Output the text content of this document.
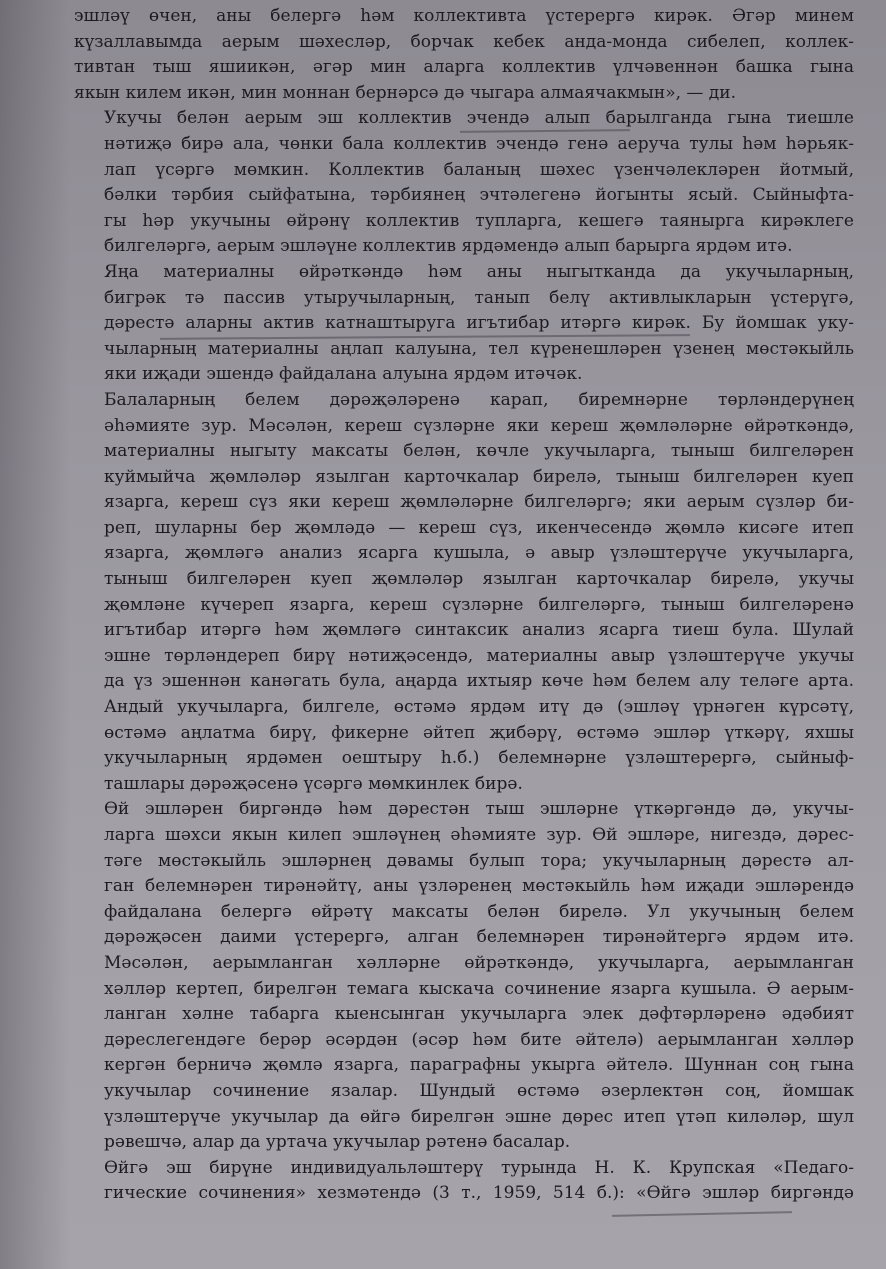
эшләү өчен, аны белергә һәм коллективта үстерергә кирәк. Әгәр минем
күзаллавымда аерым шәхесләр, борчак кебек анда-монда сибелеп, коллек-
тивтан тыш яшиикән, әгәр мин аларга коллектив үлчәвеннән башка гына
якын килем икән, мин моннан бернәрсә дә чыгара алмаячакмын», — ди.

Укучы белән аерым эш коллектив эчендә алып барылганда гына тиешле
нәтиҗә бирә ала, чөнки бала коллектив эчендә генә аеруча тулы һәм һәрьяк-
лап үсәргә мөмкин. Коллектив баланың шәхес үзенчәлекләрен йотмый,
бәлки тәрбия сыйфатына, тәрбиянең эчтәлегенә йогынты ясый. Сыйныфта-
гы һәр укучыны өйрәнү коллектив тупларга, кешегә таянырга кирәклеге
билгеләргә, аерым эшләүне коллектив ярдәмендә алып барырга ярдәм итә.

Яңа материалны өйрәткәндә һәм аны ныгытканда да укучыларның,
бигрәк тә пассив утыручыларның, танып белү активлыкларын үстерүгә,
дәрестә аларны актив катнаштыруга игътибар итәргә кирәк. Бу йомшак уку-
чыларның материалны аңлап калуына, тел күренешләрен үзенең мөстәкыйль
яки иҗади эшендә файдалана алуына ярдәм итәчәк.

Балаларның белем дәрәҗәләренә карап, биремнәрне төрләндерүнең
әһәмияте зур. Мәсәлән, кереш сүзләрне яки кереш җөмләләрне өйрәткәндә,
материалны ныгыту максаты белән, көчле укучыларга, тыныш билгеләрен
куймыйча җөмләләр язылган карточкалар бирелә, тыныш билгеләрен куеп
язарга, кереш сүз яки кереш җөмләләрне билгеләргә; яки аерым сүзләр би-
реп, шуларны бер җөмләдә — кереш сүз, икенчесендә җөмлә кисәге итеп
язарга, җөмләгә анализ ясарга кушыла, ә авыр үзләштерүче укучыларга,
тыныш билгеләрен куеп җөмләләр язылган карточкалар бирелә, укучы
җөмләне күчереп язарга, кереш сүзләрне билгеләргә, тыныш билгеләренә
игътибар итәргә һәм җөмләгә синтаксик анализ ясарга тиеш була. Шулай
эшне төрләндереп бирү нәтиҗәсендә, материалны авыр үзләштерүче укучы
да үз эшеннән канәгать була, аңарда ихтыяр көче һәм белем алу теләге арта.
Андый укучыларга, билгеле, өстәмә ярдәм итү дә (эшләү үрнәген күрсәтү,
өстәмә аңлатма бирү, фикерне әйтеп җибәрү, өстәмә эшләр үткәрү, яхшы
укучыларның ярдәмен оештыру һ.б.) белемнәрне үзләштерергә, сыйныф-
ташлары дәрәҗәсенә үсәргә мөмкинлек бирә.

Өй эшләрен биргәндә һәм дәрестән тыш эшләрне үткәргәндә дә, укучы-
ларга шәхси якын килеп эшләүнең әһәмияте зур. Өй эшләре, нигездә, дәрес-
тәге мөстәкыйль эшләрнең дәвамы булып тора; укучыларның дәрестә ал-
ган белемнәрен тирәнәйтү, аны үзләренең мөстәкыйль һәм иҗади эшләрендә
файдалана белергә өйрәтү максаты белән бирелә. Ул укучының белем
дәрәҗәсен даими үстерергә, алган белемнәрен тирәнәйтергә ярдәм итә.
Мәсәлән, аерымланган хәлләрне өйрәткәндә, укучыларга, аерымланган
хәлләр кертеп, бирелгән темага кыскача сочинение язарга кушыла. Ә аерым-
ланган хәлне табарга кыенсынган укучыларга элек дәфтәрләренә әдәбият
дәреслегендәге берәр әсәрдән (әсәр һәм бите әйтелә) аерымланган хәлләр
кергән берничә җөмлә язарга, параграфны укырга әйтелә. Шуннан соң гына
укучылар сочинение язалар. Шундый өстәмә әзерлектән соң, йомшак
үзләштерүче укучылар да өйгә бирелгән эшне дөрес итеп үтәп киләләр, шул
рәвешчә, алар да уртача укучылар рәтенә басалар.

Өйгә эш бирүне индивидуальләштерү турында Н. К. Крупская «Педаго-
гические сочинения» хезмәтендә (3 т., 1959, 514 б.): «Өйгә эшләр биргәндә
